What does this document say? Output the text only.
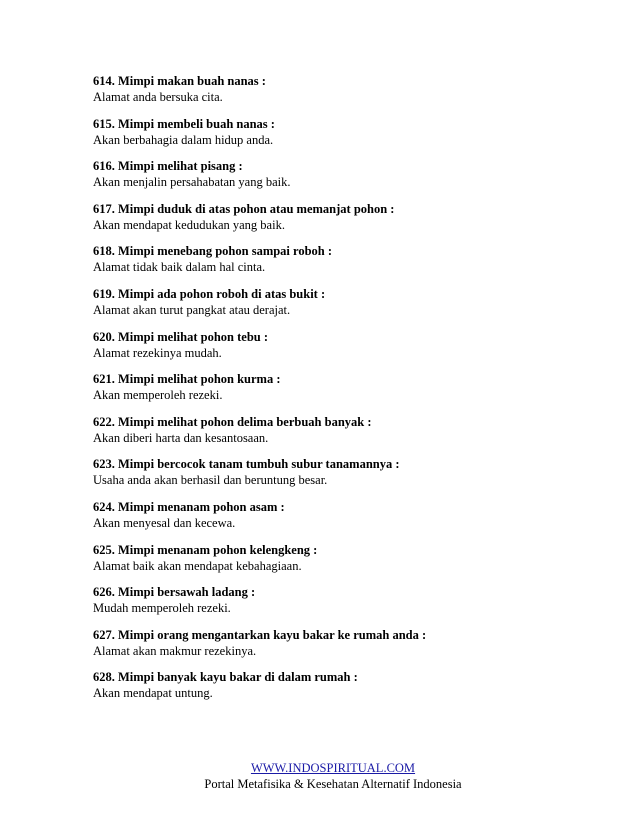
614. Mimpi makan buah nanas :
Alamat anda bersuka cita.
615. Mimpi membeli buah nanas :
Akan berbahagia dalam hidup anda.
616. Mimpi melihat pisang :
Akan menjalin persahabatan yang baik.
617. Mimpi duduk di atas pohon atau memanjat pohon :
Akan mendapat kedudukan yang baik.
618. Mimpi menebang pohon sampai roboh :
Alamat tidak baik dalam hal cinta.
619. Mimpi ada pohon roboh di atas bukit :
Alamat akan turut pangkat atau derajat.
620. Mimpi melihat pohon tebu :
Alamat rezekinya mudah.
621. Mimpi melihat pohon kurma :
Akan memperoleh rezeki.
622. Mimpi melihat pohon delima berbuah banyak :
Akan diberi harta dan kesantosaan.
623. Mimpi bercocok tanam tumbuh subur tanamannya :
Usaha anda akan berhasil dan beruntung besar.
624. Mimpi menanam pohon asam :
Akan menyesal dan kecewa.
625. Mimpi menanam pohon kelengkeng :
Alamat baik akan mendapat kebahagiaan.
626. Mimpi bersawah ladang :
Mudah memperoleh rezeki.
627. Mimpi orang mengantarkan kayu bakar ke rumah anda :
Alamat akan makmur rezekinya.
628. Mimpi banyak kayu bakar di dalam rumah :
Akan mendapat untung.
WWW.INDOSPIRITUAL.COM
Portal Metafisika & Kesehatan Alternatif Indonesia
